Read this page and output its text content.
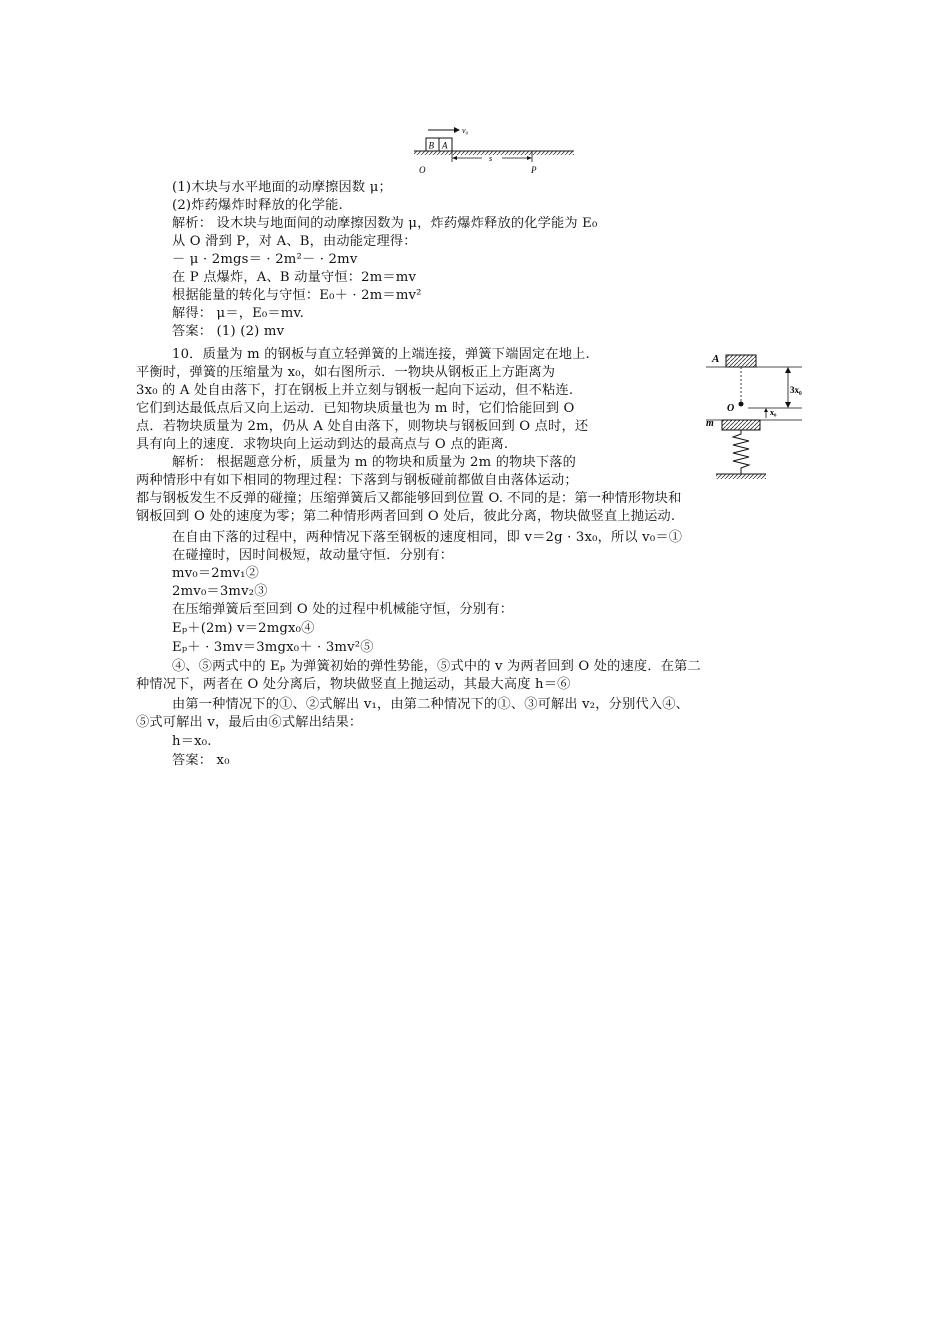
v₀
B A
s
O	P
A
O
3x₀
x₀
m
(1)木块与水平地面的动摩擦因数 μ；
(2)炸药爆炸时释放的化学能.
解析： 设木块与地面间的动摩擦因数为 μ，炸药爆炸释放的化学能为 E₀
从 O 滑到 P，对 A、B，由动能定理得：
－ μ · 2mgs＝ · 2m²－ · 2mv
在 P 点爆炸，A、B 动量守恒：2m＝mv
根据能量的转化与守恒：E₀＋ · 2m＝mv²
解得： μ＝，E₀＝mv.
答案： (1) (2) mv
10．质量为 m 的钢板与直立轻弹簧的上端连接，弹簧下端固定在地上.
平衡时，弹簧的压缩量为 x₀，如右图所示．一物块从钢板正上方距离为
3x₀ 的 A 处自由落下，打在钢板上并立刻与钢板一起向下运动，但不粘连.
它们到达最低点后又向上运动．已知物块质量也为 m 时，它们恰能回到 O
点．若物块质量为 2m，仍从 A 处自由落下，则物块与钢板回到 O 点时，还
具有向上的速度．求物块向上运动到达的最高点与 O 点的距离.
解析： 根据题意分析，质量为 m 的物块和质量为 2m 的物块下落的
两种情形中有如下相同的物理过程：下落到与钢板碰前都做自由落体运动；
都与钢板发生不反弹的碰撞；压缩弹簧后又都能够回到位置 O. 不同的是：第一种情形物块和
钢板回到 O 处的速度为零；第二种情形两者回到 O 处后，彼此分离，物块做竖直上抛运动.
在自由下落的过程中，两种情况下落至钢板的速度相同，即 v＝2g · 3x₀，所以 v₀＝①
在碰撞时，因时间极短，故动量守恒．分别有：
mv₀＝2mv₁②
2mv₀＝3mv₂③
在压缩弹簧后至回到 O 处的过程中机械能守恒，分别有：
Eₚ＋(2m) v＝2mgx₀④
Eₚ＋ · 3mv＝3mgx₀＋ · 3mv²⑤
④、⑤两式中的 Eₚ 为弹簧初始的弹性势能，⑤式中的 v 为两者回到 O 处的速度．在第二
种情况下，两者在 O 处分离后，物块做竖直上抛运动，其最大高度 h＝⑥
由第一种情况下的①、②式解出 v₁，由第二种情况下的①、③可解出 v₂，分别代入④、
⑤式可解出 v，最后由⑥式解出结果：
h＝x₀.
答案： x₀
